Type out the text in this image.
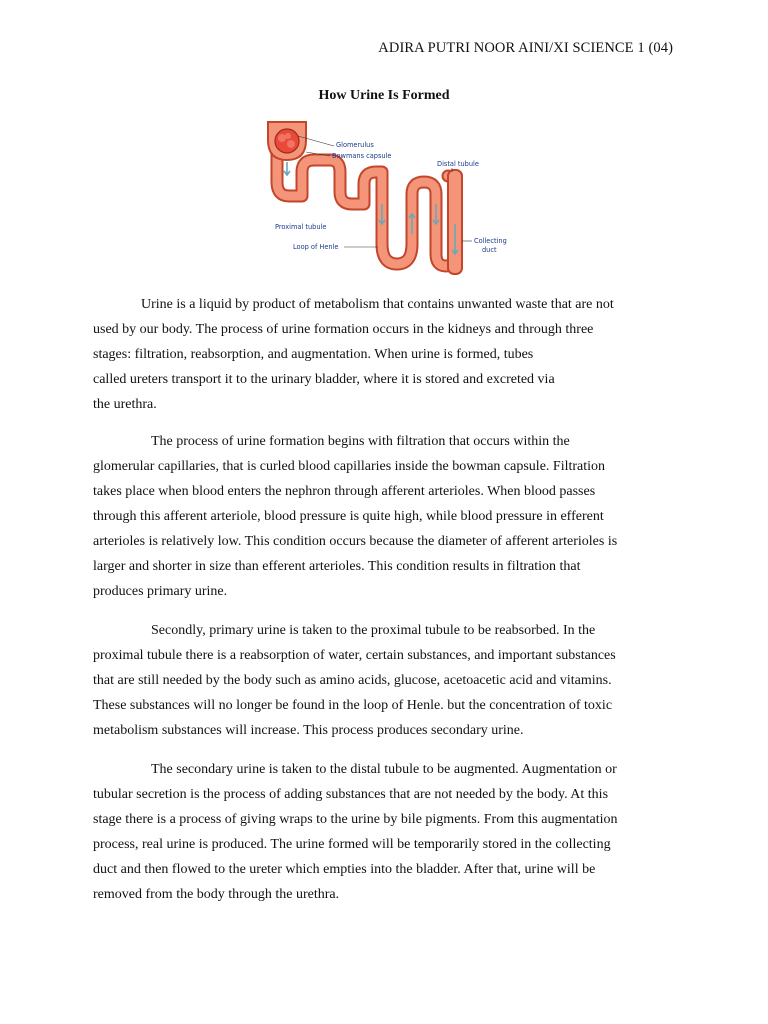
ADIRA PUTRI NOOR AINI/XI SCIENCE 1 (04)
How Urine Is Formed
Glomerulus
Bowmans capsule
Distal tubule
Proximal tubule
Loop of Henle
Collecting
duct
Urine is a liquid by product of metabolism that contains unwanted waste that are not
used by our body. The process of urine formation occurs in the kidneys and through three
stages: filtration, reabsorption, and augmentation. When urine is formed, tubes
called ureters transport it to the urinary bladder, where it is stored and excreted via
the urethra.
The process of urine formation begins with filtration that occurs within the
glomerular capillaries, that is curled blood capillaries inside the bowman capsule. Filtration
takes place when blood enters the nephron through afferent arterioles. When blood passes
through this afferent arteriole, blood pressure is quite high, while blood pressure in efferent
arterioles is relatively low. This condition occurs because the diameter of afferent arterioles is
larger and shorter in size than efferent arterioles. This condition results in filtration that
produces primary urine.
Secondly, primary urine is taken to the proximal tubule to be reabsorbed. In the
proximal tubule there is a reabsorption of water, certain substances, and important substances
that are still needed by the body such as amino acids, glucose, acetoacetic acid and vitamins.
These substances will no longer be found in the loop of Henle. but the concentration of toxic
metabolism substances will increase. This process produces secondary urine.
The secondary urine is taken to the distal tubule to be augmented. Augmentation or
tubular secretion is the process of adding substances that are not needed by the body. At this
stage there is a process of giving wraps to the urine by bile pigments. From this augmentation
process, real urine is produced. The urine formed will be temporarily stored in the collecting
duct and then flowed to the ureter which empties into the bladder. After that, urine will be
removed from the body through the urethra.
